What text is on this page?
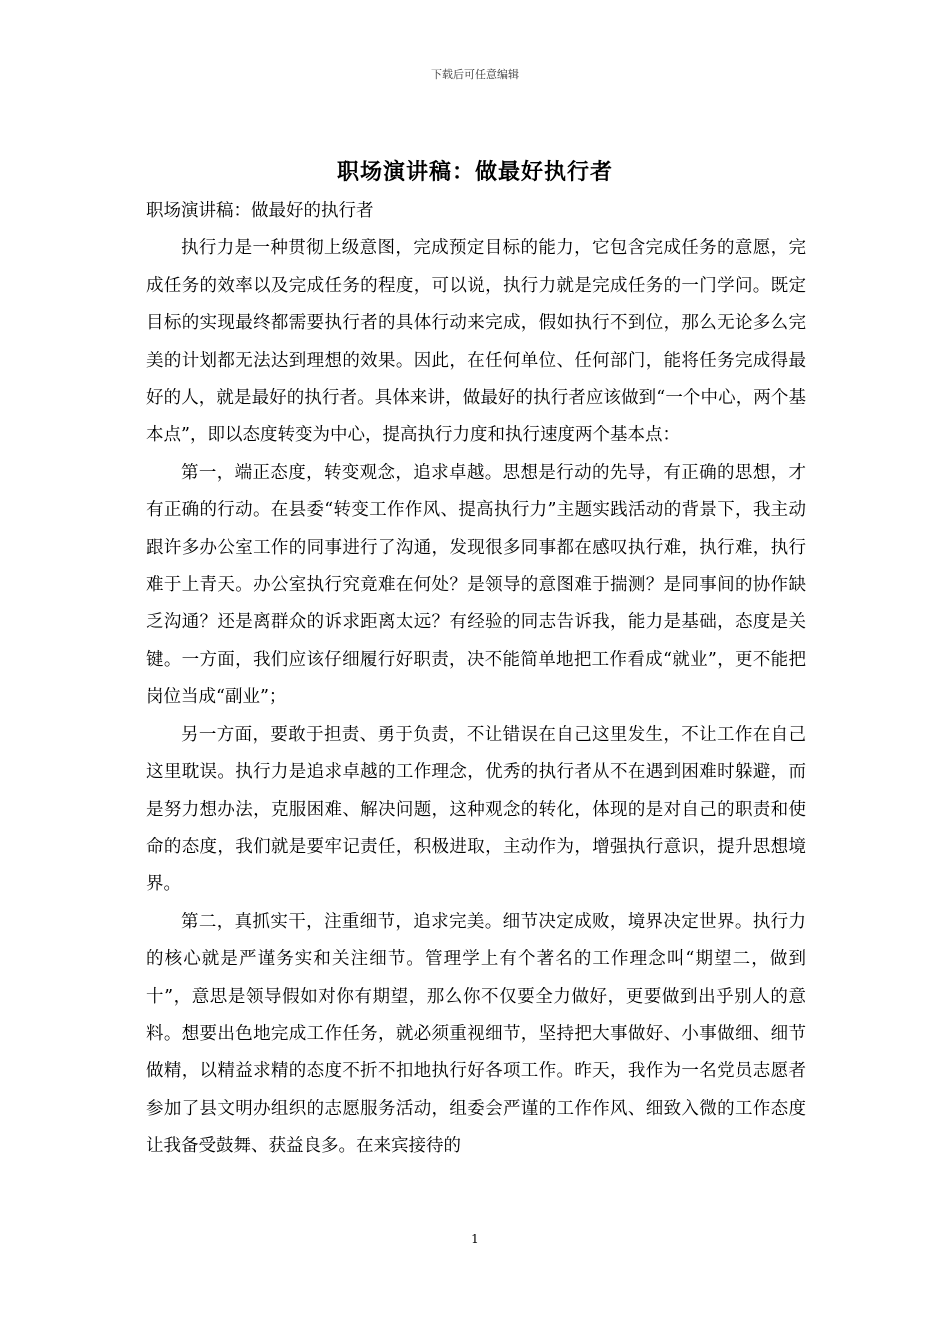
下载后可任意编辑
职场演讲稿：做最好执行者

职场演讲稿：做最好的执行者

执行力是一种贯彻上级意图，完成预定目标的能力，它包含完成任务的意愿，完成任务的效率以及完成任务的程度，可以说，执行力就是完成任务的一门学问。既定目标的实现最终都需要执行者的具体行动来完成，假如执行不到位，那么无论多么完美的计划都无法达到理想的效果。因此，在任何单位、任何部门，能将任务完成得最好的人，就是最好的执行者。具体来讲，做最好的执行者应该做到“一个中心，两个基本点”，即以态度转变为中心，提高执行力度和执行速度两个基本点：

第一，端正态度，转变观念，追求卓越。思想是行动的先导，有正确的思想，才有正确的行动。在县委“转变工作作风、提高执行力”主题实践活动的背景下，我主动跟许多办公室工作的同事进行了沟通，发现很多同事都在感叹执行难，执行难，执行难于上青天。办公室执行究竟难在何处？是领导的意图难于揣测？是同事间的协作缺乏沟通？还是离群众的诉求距离太远？有经验的同志告诉我，能力是基础，态度是关键。一方面，我们应该仔细履行好职责，决不能简单地把工作看成“就业”，更不能把岗位当成“副业”；

另一方面，要敢于担责、勇于负责，不让错误在自己这里发生，不让工作在自己这里耽误。执行力是追求卓越的工作理念，优秀的执行者从不在遇到困难时躲避，而是努力想办法，克服困难、解决问题，这种观念的转化，体现的是对自己的职责和使命的态度，我们就是要牢记责任，积极进取，主动作为，增强执行意识，提升思想境界。

第二，真抓实干，注重细节，追求完美。细节决定成败，境界决定世界。执行力的核心就是严谨务实和关注细节。管理学上有个著名的工作理念叫“期望二，做到十”，意思是领导假如对你有期望，那么你不仅要全力做好，更要做到出乎别人的意料。想要出色地完成工作任务，就必须重视细节，坚持把大事做好、小事做细、细节做精，以精益求精的态度不折不扣地执行好各项工作。昨天，我作为一名党员志愿者参加了县文明办组织的志愿服务活动，组委会严谨的工作作风、细致入微的工作态度让我备受鼓舞、获益良多。在来宾接待的

1
